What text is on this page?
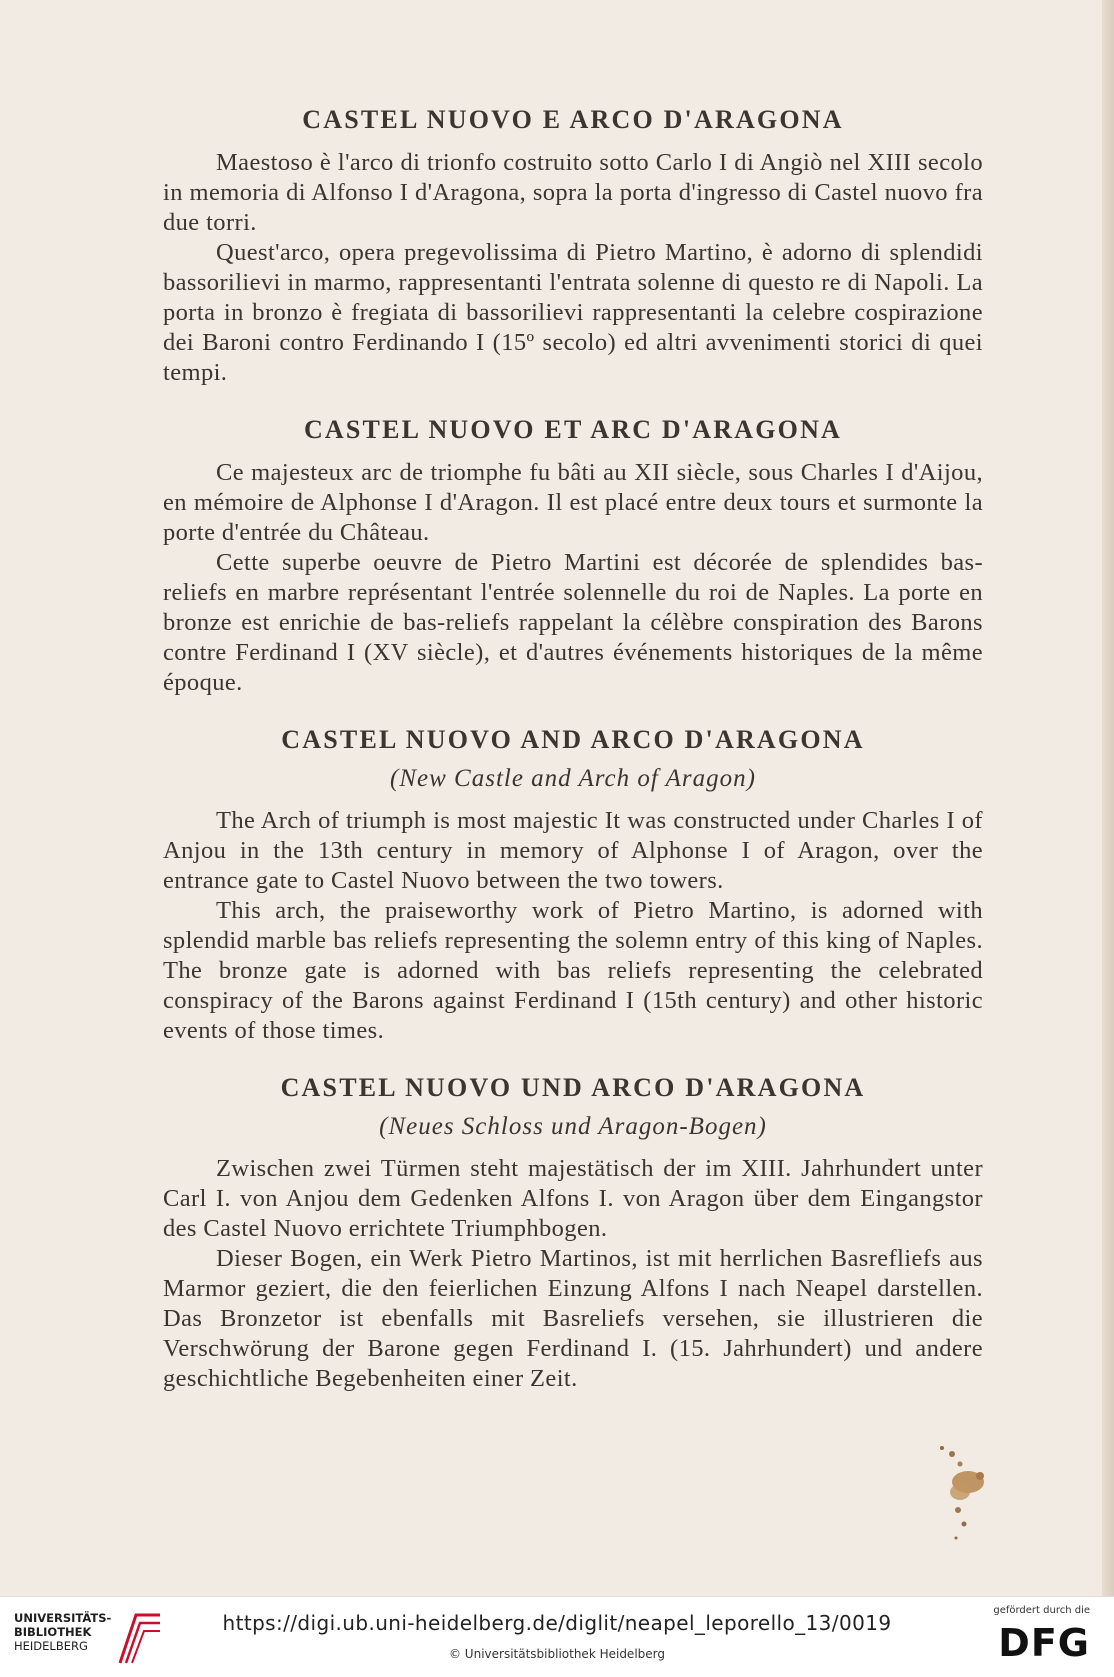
CASTEL NUOVO E ARCO D'ARAGONA

Maestoso è l'arco di trionfo costruito sotto Carlo I di Angiò nel XIII secolo in memoria di Alfonso I d'Aragona, sopra la porta d'ingresso di Castel nuovo fra due torri.

Quest'arco, opera pregevolissima di Pietro Martino, è adorno di splendidi bassorilievi in marmo, rappresentanti l'entrata solenne di questo re di Napoli. La porta in bronzo è fregiata di bassorilievi rappresentanti la celebre cospirazione dei Baroni contro Ferdinando I (15º secolo) ed altri avvenimenti storici di quei tempi.

CASTEL NUOVO ET ARC D'ARAGONA

Ce majesteux arc de triomphe fu bâti au XII siècle, sous Charles I d'Aijou, en mémoire de Alphonse I d'Aragon. Il est placé entre deux tours et surmonte la porte d'entrée du Château.

Cette superbe oeuvre de Pietro Martini est décorée de splendides bas-reliefs en marbre représentant l'entrée solennelle du roi de Naples. La porte en bronze est enrichie de bas-reliefs rappelant la célèbre conspiration des Barons contre Ferdinand I (XV siècle), et d'autres événements historiques de la même époque.

CASTEL NUOVO AND ARCO D'ARAGONA
(New Castle and Arch of Aragon)

The Arch of triumph is most majestic It was constructed under Charles I of Anjou in the 13th century in memory of Alphonse I of Aragon, over the entrance gate to Castel Nuovo between the two towers.

This arch, the praiseworthy work of Pietro Martino, is adorned with splendid marble bas reliefs representing the solemn entry of this king of Naples. The bronze gate is adorned with bas reliefs representing the celebrated conspiracy of the Barons against Ferdinand I (15th century) and other historic events of those times.

CASTEL NUOVO UND ARCO D'ARAGONA
(Neues Schloss und Aragon-Bogen)

Zwischen zwei Türmen steht majestätisch der im XIII. Jahrhundert unter Carl I. von Anjou dem Gedenken Alfons I. von Aragon über dem Eingangstor des Castel Nuovo errichtete Triumphbogen.

Dieser Bogen, ein Werk Pietro Martinos, ist mit herrlichen Basrefliefs aus Marmor geziert, die den feierlichen Einzung Alfons I nach Neapel darstellen. Das Bronzetor ist ebenfalls mit Basreliefs versehen, sie illustrieren die Verschwörung der Barone gegen Ferdinand I. (15. Jahrhundert) und andere geschichtliche Begebenheiten einer Zeit.

UNIVERSITÄTS-
BIBLIOTHEK
HEIDELBERG
https://digi.ub.uni-heidelberg.de/diglit/neapel_leporello_13/0019
© Universitätsbibliothek Heidelberg
gefördert durch die
DFG
